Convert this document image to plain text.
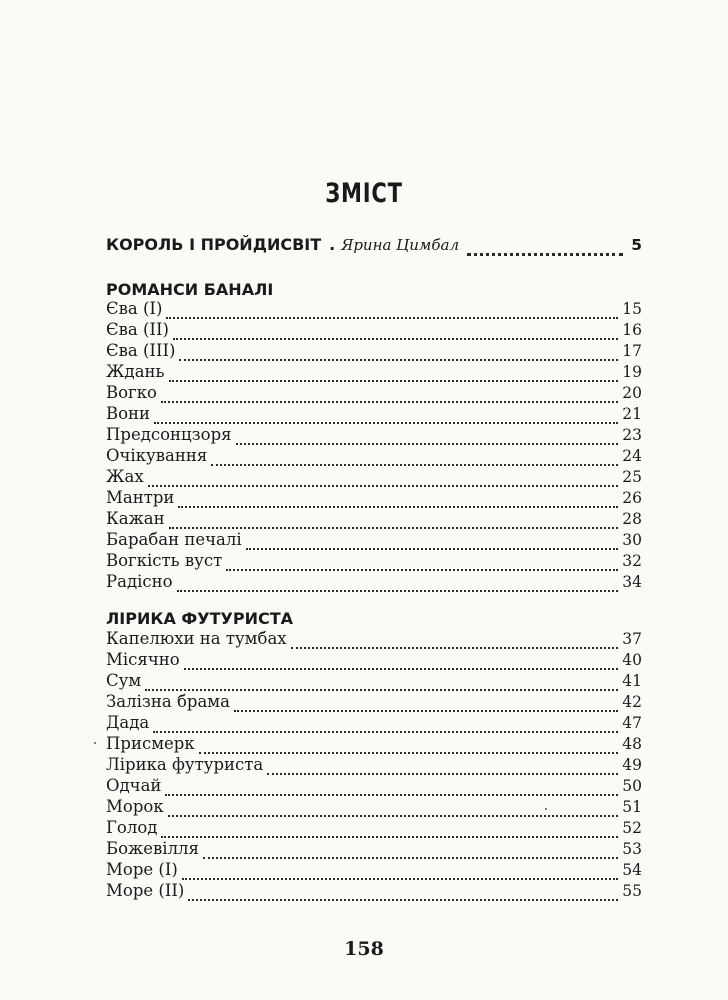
ЗМІСТ
КОРОЛЬ І ПРОЙДИСВІТ . Ярина Цимбал	5
РОМАНСИ БАНАЛІ
Єва (I)	15
Єва (II)	16
Єва (III)	17
Ждань	19
Вогко	20
Вони	21
Предсонцзоря	23
Очікування	24
Жах	25
Мантри	26
Кажан	28
Барабан печалі	30
Вогкість вуст	32
Радісно	34
ЛІРИКА ФУТУРИСТА
Капелюхи на тумбах	37
Місячно	40
Сум	41
Залізна брама	42
Дада	47
Присмерк	48
Лірика футуриста	49
Одчай	50
Морок	51
Голод	52
Божевілля	53
Море (I)	54
Море (II)	55
158
